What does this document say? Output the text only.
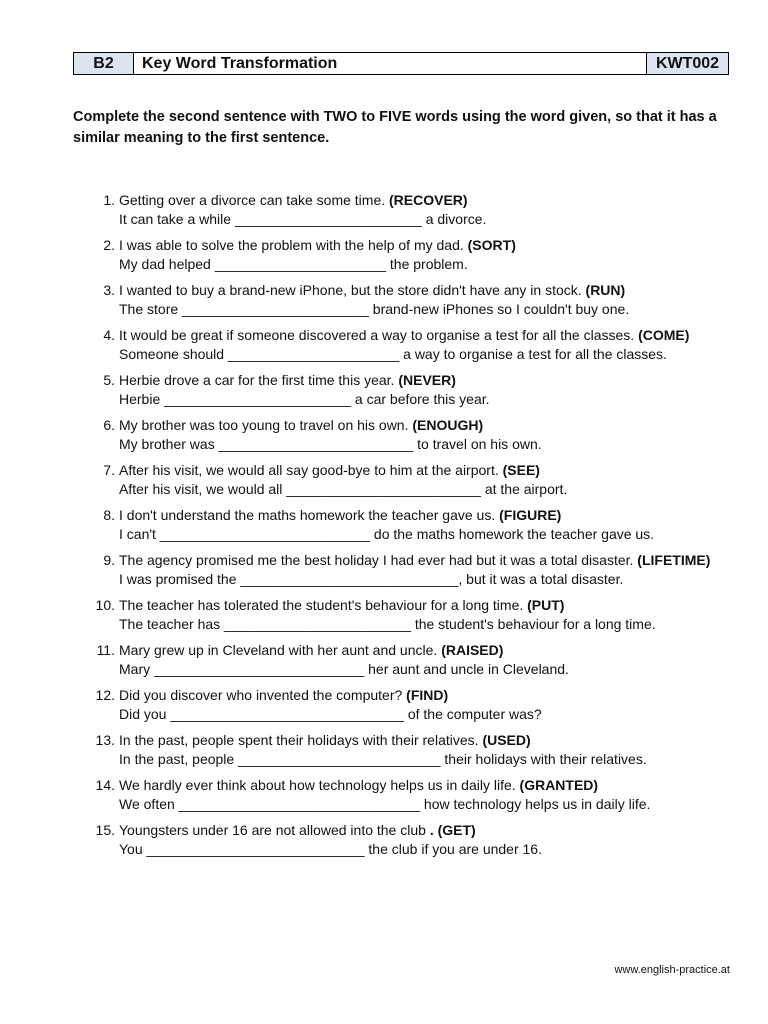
B2	Key Word Transformation	KWT002
Complete the second sentence with TWO to FIVE words using the word given, so that it has a similar meaning to the first sentence.
1. Getting over a divorce can take some time. (RECOVER)
It can take a while ________________________ a divorce.
2. I was able to solve the problem with the help of my dad. (SORT)
My dad helped ______________________ the problem.
3. I wanted to buy a brand-new iPhone, but the store didn't have any in stock. (RUN)
The store ________________________ brand-new iPhones so I couldn't buy one.
4. It would be great if someone discovered a way to organise a test for all the classes. (COME)
Someone should ______________________ a way to organise a test for all the classes.
5. Herbie drove a car for the first time this year. (NEVER)
Herbie ________________________ a car before this year.
6. My brother was too young to travel on his own. (ENOUGH)
My brother was _________________________ to travel on his own.
7. After his visit, we would all say good-bye to him at the airport. (SEE)
After his visit, we would all _________________________ at the airport.
8. I don't understand the maths homework the teacher gave us. (FIGURE)
I can't ___________________________ do the maths homework the teacher gave us.
9. The agency promised me the best holiday I had ever had but it was a total disaster. (LIFETIME)
I was promised the ____________________________, but it was a total disaster.
10. The teacher has tolerated the student's behaviour for a long time. (PUT)
The teacher has ________________________ the student's behaviour for a long time.
11. Mary grew up in Cleveland with her aunt and uncle. (RAISED)
Mary ___________________________ her aunt and uncle in Cleveland.
12. Did you discover who invented the computer? (FIND)
Did you ______________________________ of the computer was?
13. In the past, people spent their holidays with their relatives. (USED)
In the past, people __________________________ their holidays with their relatives.
14. We hardly ever think about how technology helps us in daily life. (GRANTED)
We often _______________________________ how technology helps us in daily life.
15. Youngsters under 16 are not allowed into the club . (GET)
You ____________________________ the club if you are under 16.
www.english-practice.at
